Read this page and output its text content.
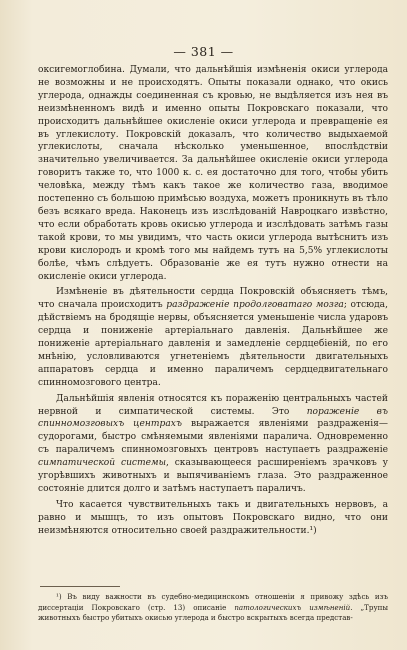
— 381 —

оксигемоглобина. Думали, что дальнѣйшія измѣненія окиси углерода не возможны и не происходятъ. Опыты показали однако, что окись углерода, однажды соединенная съ кровью, не выдѣляется изъ нея въ неизмѣненномъ видѣ и именно опыты Покровскаго показали, что происходитъ дальнѣйшее окисленіе окиси углерода и превращеніе ея въ углекислоту. Покровскій доказалъ, что количество выдыхаемой углекислоты, сначала нѣсколько уменьшенное, впослѣдствіи значительно увеличивается. За дальнѣйшее окисленіе окиси углерода говоритъ также то, что 1000 к. с. ея достаточно для того, чтобы убить человѣка, между тѣмъ какъ такое же количество газа, вводимое постепенно съ большою примѣсью воздуха, можетъ проникнуть въ тѣло безъ всякаго вреда. Наконецъ изъ изслѣдованій Навроцкаго извѣстно, что если обработать кровь окисью углерода и изслѣдовать затѣмъ газы такой крови, то мы увидимъ, что часть окиси углерода вытѣснитъ изъ крови кислородъ и кромѣ того мы найдемъ тутъ на 5,5% углекислоты болѣе, чѣмъ слѣдуетъ. Образованіе же ея тутъ нужно отнести на окисленіе окиси углерода.

Измѣненіе въ дѣятельности сердца Покровскій объясняетъ тѣмъ, что сначала происходитъ раздраженіе продолговатаго мозга; отсюда, дѣйствіемъ на бродящіе нервы, объясняется уменьшеніе числа ударовъ сердца и пониженіе артеріальнаго давленія. Дальнѣйшее же пониженіе артеріальнаго давленія и замедленіе сердцебіеній, по его мнѣнію, условливаются угнетеніемъ дѣятельности двигательныхъ аппаратовъ сердца и именно параличемъ сердцедвигательнаго спинномозгового центра.

Дальнѣйшія явленія относятся къ пораженію центральныхъ частей нервной и симпатической системы. Это пораженіе въ спинномозговыхъ центрахъ выражается явленіями раздраженія—судорогами, быстро смѣняемыми явленіями паралича. Одновременно съ параличемъ спинномозговыхъ центровъ наступаетъ раздраженіе симпатической системы, сказывающееся расширеніемъ зрачковъ у угорѣвшихъ животныхъ и выпячиваніемъ глаза. Это раздраженное состояніе длится долго и затѣмъ наступаетъ параличъ.

Что касается чувствительныхъ такъ и двигательныхъ нервовъ, а равно и мышцъ, то изъ опытовъ Покровскаго видно, что они неизмѣняются относительно своей раздражительности.¹)

¹) Въ виду важности въ судебно-медицинскомъ отношеніи я привожу здѣсь изъ диссертаціи Покровскаго (стр. 13) описаніе патологическихъ измѣненій. „Трупы животныхъ быстро убитыхъ окисью углерода и быстро вскрытыхъ всегда представ-
